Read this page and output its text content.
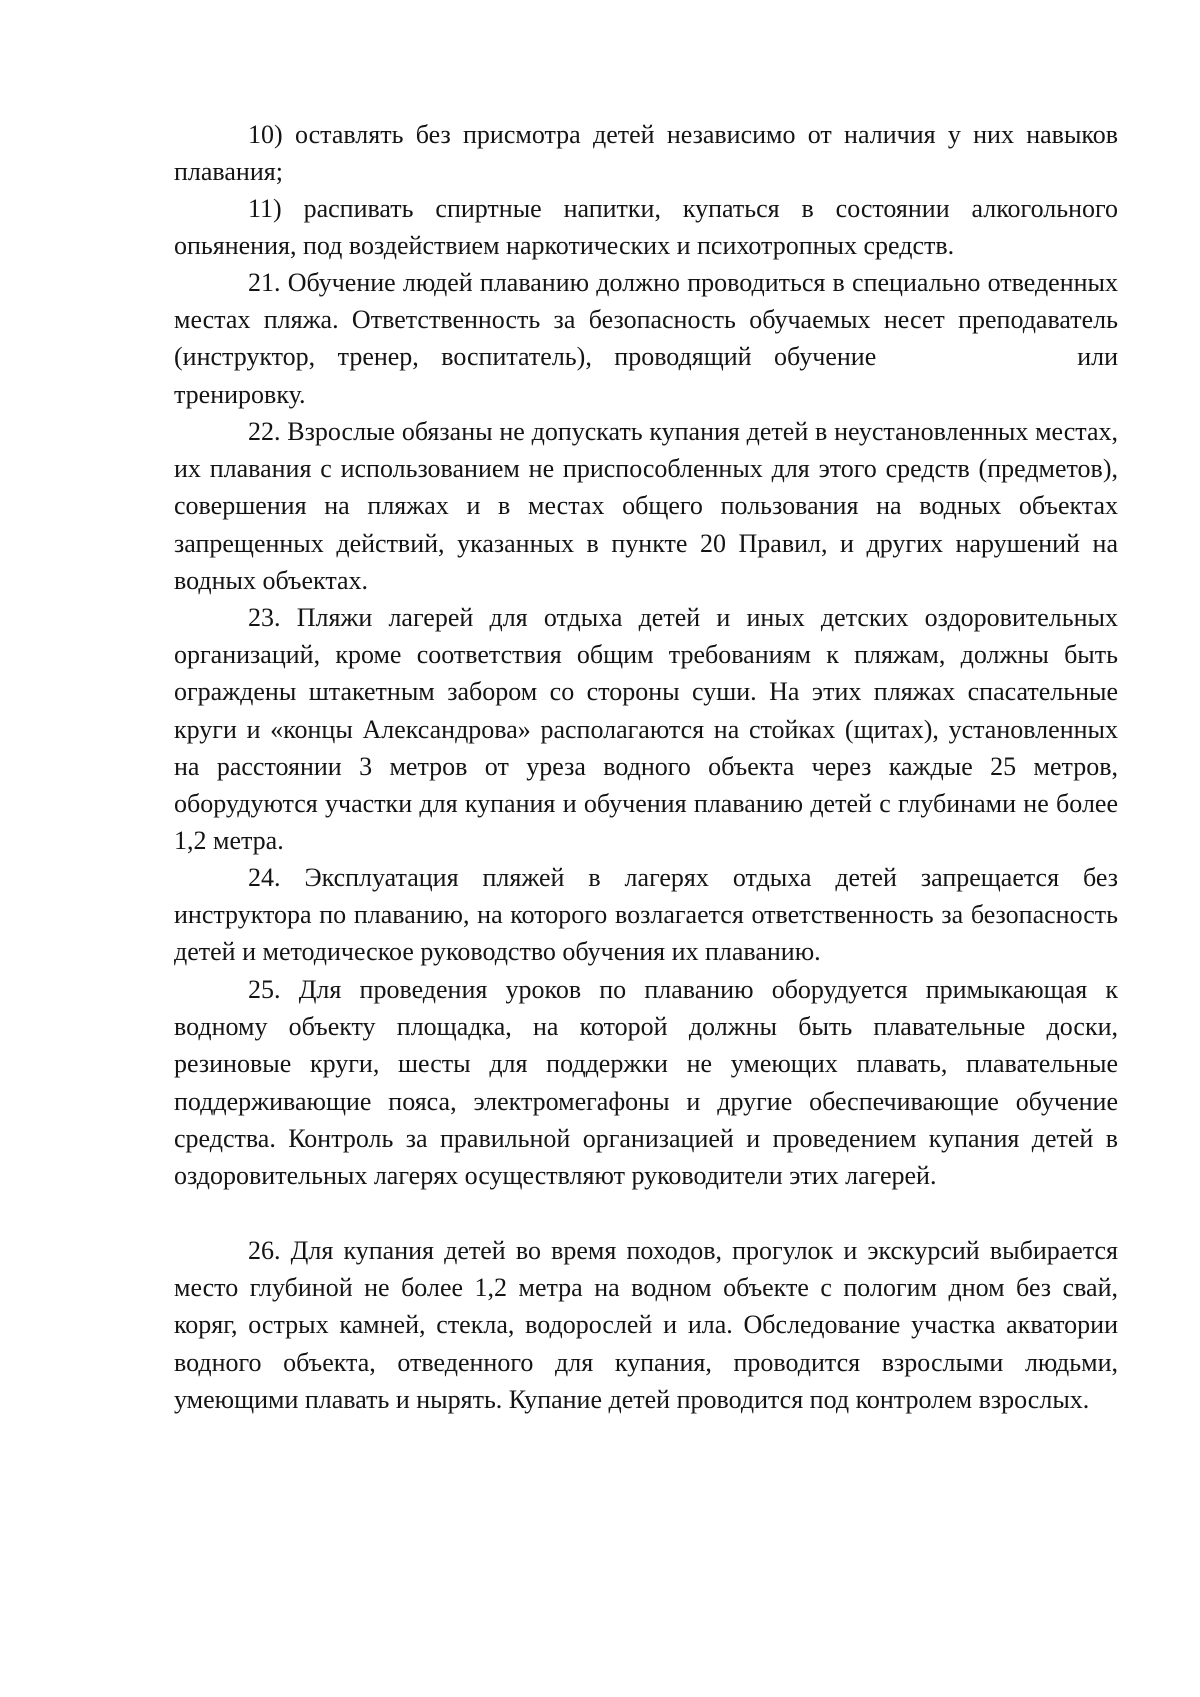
10) оставлять без присмотра детей независимо от наличия у них навыков плавания;

11) распивать спиртные напитки, купаться в состоянии алкогольного опьянения, под воздействием наркотических и психотропных средств.

21. Обучение людей плаванию должно проводиться в специально отведенных местах пляжа. Ответственность за безопасность обучаемых несет преподаватель (инструктор, тренер, воспитатель), проводящий обучение        или тренировку.

22. Взрослые обязаны не допускать купания детей в неустановленных местах, их плавания с использованием не приспособленных для этого средств (предметов), совершения на пляжах и в местах общего пользования на водных объектах запрещенных действий, указанных в пункте 20 Правил, и других нарушений на водных объектах.

23. Пляжи лагерей для отдыха детей и иных детских оздоровительных организаций, кроме соответствия общим требованиям к пляжам, должны быть ограждены штакетным забором со стороны суши. На этих пляжах спасательные круги и «концы Александрова» располагаются на стойках (щитах), установленных на расстоянии 3 метров от уреза водного объекта через каждые 25 метров, оборудуются участки для купания и обучения плаванию детей с глубинами не более 1,2 метра.

24. Эксплуатация пляжей в лагерях отдыха детей запрещается без инструктора по плаванию, на которого возлагается ответственность за безопасность детей и методическое руководство обучения их плаванию.

25. Для проведения уроков по плаванию оборудуется примыкающая к водному объекту площадка, на которой должны быть плавательные доски, резиновые круги, шесты для поддержки не умеющих плавать, плавательные поддерживающие пояса, электромегафоны и другие обеспечивающие обучение средства. Контроль за правильной организацией и проведением купания детей в оздоровительных лагерях осуществляют руководители этих лагерей.

26. Для купания детей во время походов, прогулок и экскурсий выбирается место глубиной не более 1,2 метра на водном объекте с пологим дном без свай, коряг, острых камней, стекла, водорослей и ила. Обследование участка акватории водного объекта, отведенного для купания, проводится взрослыми людьми, умеющими плавать и нырять. Купание детей проводится под контролем взрослых.
